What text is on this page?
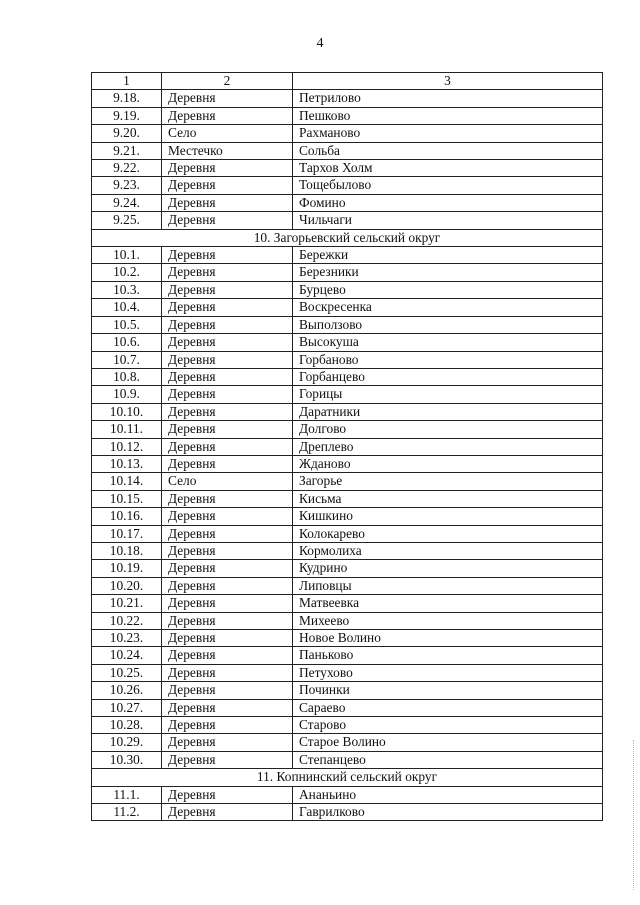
4
1	2	3
9.18.	Деревня	Петрилово
9.19.	Деревня	Пешково
9.20.	Село	Рахманово
9.21.	Местечко	Сольба
9.22.	Деревня	Тархов Холм
9.23.	Деревня	Тощебылово
9.24.	Деревня	Фомино
9.25.	Деревня	Чильчаги
10. Загорьевский сельский округ		
10.1.	Деревня	Бережки
10.2.	Деревня	Березники
10.3.	Деревня	Бурцево
10.4.	Деревня	Воскресенка
10.5.	Деревня	Выползово
10.6.	Деревня	Высокуша
10.7.	Деревня	Горбаново
10.8.	Деревня	Горбанцево
10.9.	Деревня	Горицы
10.10.	Деревня	Даратники
10.11.	Деревня	Долгово
10.12.	Деревня	Дреплево
10.13.	Деревня	Жданово
10.14.	Село	Загорье
10.15.	Деревня	Кисьма
10.16.	Деревня	Кишкино
10.17.	Деревня	Колокарево
10.18.	Деревня	Кормолиха
10.19.	Деревня	Кудрино
10.20.	Деревня	Липовцы
10.21.	Деревня	Матвеевка
10.22.	Деревня	Михеево
10.23.	Деревня	Новое Волино
10.24.	Деревня	Паньково
10.25.	Деревня	Петухово
10.26.	Деревня	Починки
10.27.	Деревня	Сараево
10.28.	Деревня	Старово
10.29.	Деревня	Старое Волино
10.30.	Деревня	Степанцево
11. Копнинский сельский округ		
11.1.	Деревня	Ананьино
11.2.	Деревня	Гаврилково
